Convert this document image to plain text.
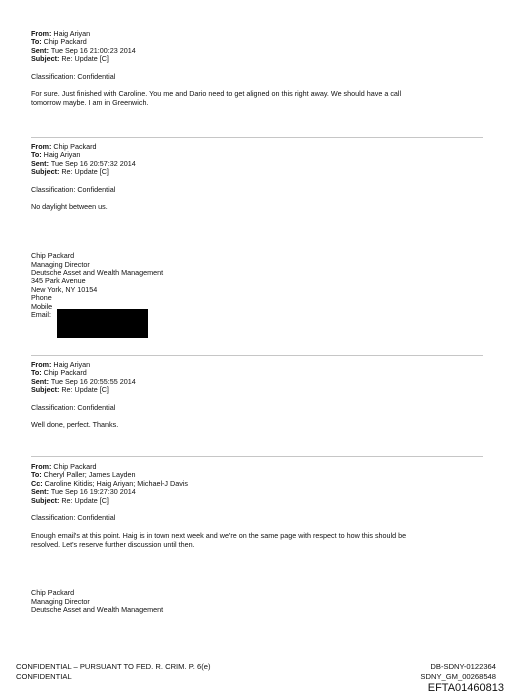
From: Haig Ariyan
To: Chip Packard
Sent: Tue Sep 16 21:00:23 2014
Subject: Re: Update [C]
Classification: Confidential
For sure. Just finished with Caroline. You me and Dario need to get aligned on this right away. We should have a call
tomorrow maybe. I am in Greenwich.
From: Chip Packard
To: Haig Ariyan
Sent: Tue Sep 16 20:57:32 2014
Subject: Re: Update [C]
Classification: Confidential
No daylight between us.
Chip Packard
Managing Director
Deutsche Asset and Wealth Management
345 Park Avenue
New York, NY 10154
Phone
Mobile
Email:
From: Haig Ariyan
To: Chip Packard
Sent: Tue Sep 16 20:55:55 2014
Subject: Re: Update [C]
Classification: Confidential
Well done, perfect. Thanks.
From: Chip Packard
To: Cheryl Paller; James Layden
Cc: Caroline Kitidis; Haig Ariyan; Michael-J Davis
Sent: Tue Sep 16 19:27:30 2014
Subject: Re: Update [C]
Classification: Confidential
Enough email's at this point. Haig is in town next week and we're on the same page with respect to how this should be
resolved. Let's reserve further discussion until then.
Chip Packard
Managing Director
Deutsche Asset and Wealth Management
CONFIDENTIAL – PURSUANT TO FED. R. CRIM. P. 6(e)
CONFIDENTIAL
DB-SDNY-0122364
SDNY_GM_00268548
EFTA01460813
